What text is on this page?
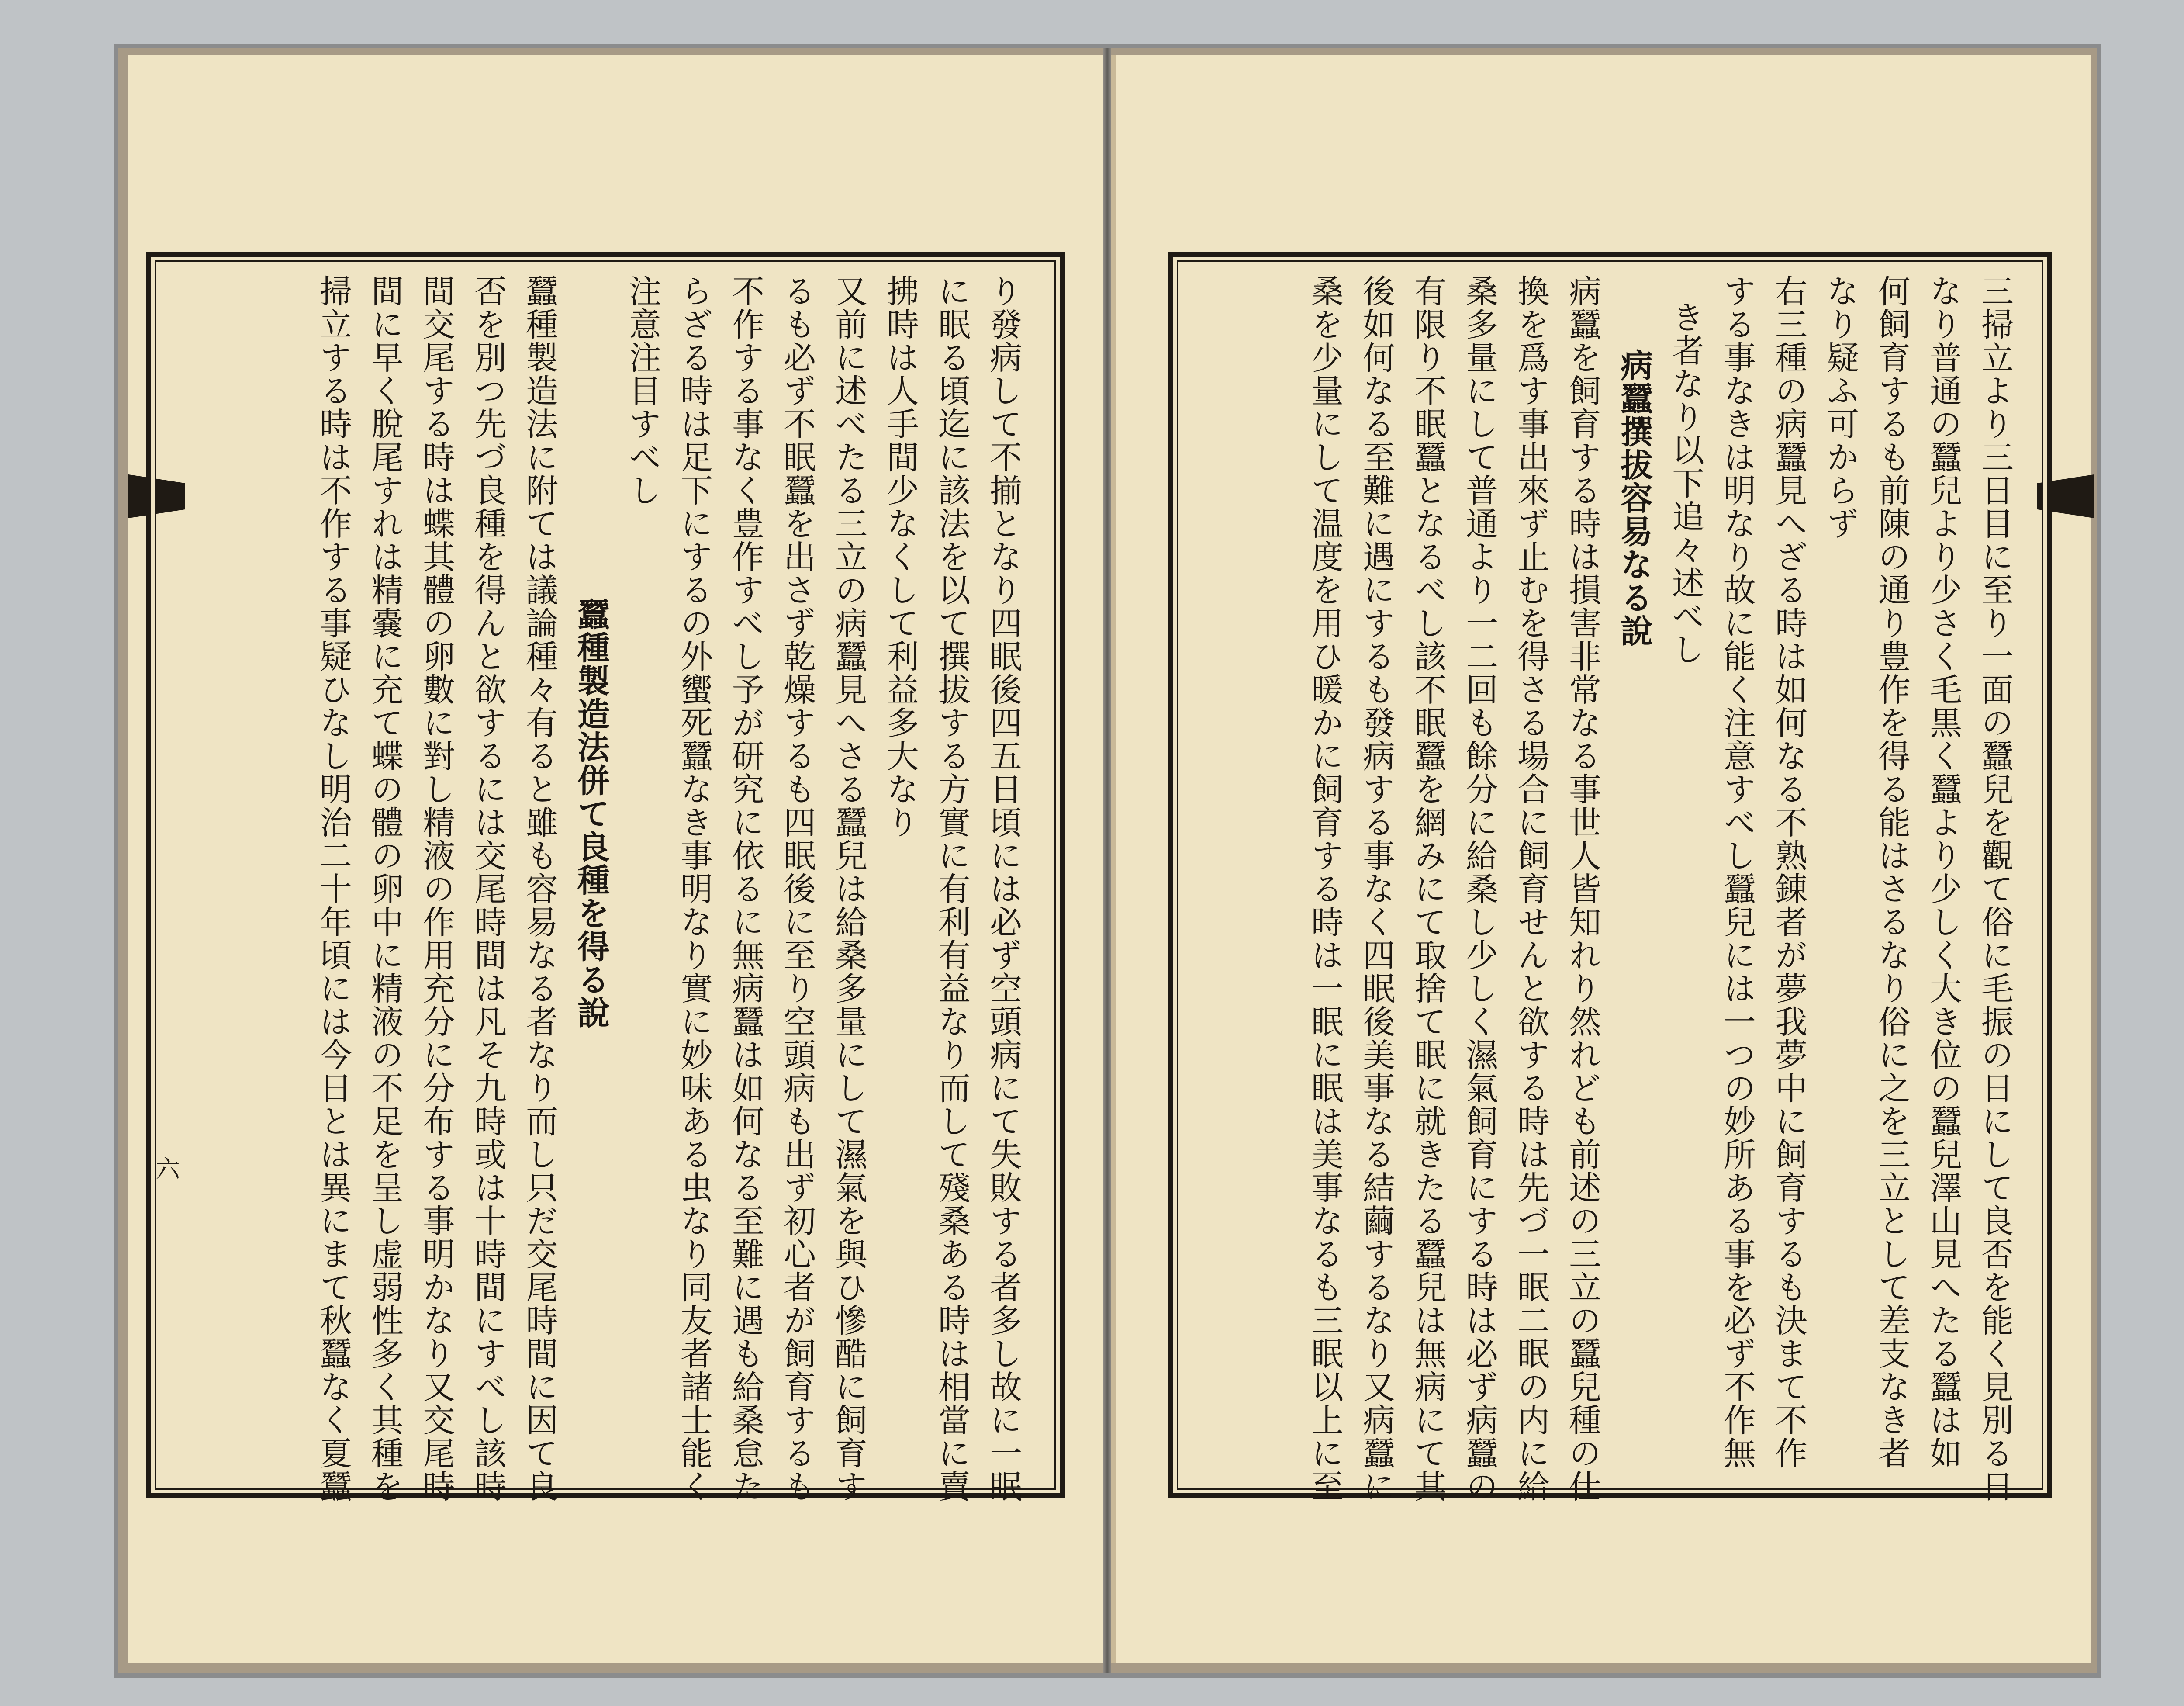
六	り發病して不揃となり四眠後四五日頃には必ず空頭病にて失敗する者多し故に一眠
に眠る頃迄に該法を以て撰拔する方實に有利有益なり而して殘桑ある時は相當に賣
拂時は人手間少なくして利益多大なり
又前に述べたる三立の病蠶見へさる蠶兒は給桑多量にして濕氣を與ひ慘酷に飼育す
るも必ず不眠蠶を出さず乾燥するも四眠後に至り空頭病も出ず初心者が飼育するも
不作する事なく豊作すべし予が研究に依るに無病蠶は如何なる至難に遇も給桑怠た
らざる時は足下にするの外蠁死蠶なき事明なり實に妙味ある虫なり同友者諸士能く
注意注目すべし
蠶種製造法併て良種を得る說
蠶種製造法に附ては議論種々有ると雖も容易なる者なり而し只だ交尾時間に因て良
否を別つ先づ良種を得んと欲するには交尾時間は凡そ九時或は十時間にすべし該時
間交尾する時は蝶其體の卵數に對し精液の作用充分に分布する事明かなり又交尾時
間に早く脫尾すれは精嚢に充て蝶の體の卵中に精液の不足を呈し虚弱性多く其種を
掃立する時は不作する事疑ひなし明治二十年頃には今日とは異にまて秋蠶なく夏蠶	三掃立より三日目に至り一面の蠶兒を觀て俗に毛振の日にして良否を能く見別る日
なり普通の蠶兒より少さく毛黒く蠶より少しく大き位の蠶兒澤山見へたる蠶は如
何飼育するも前陳の通り豊作を得る能はさるなり俗に之を三立として差支なき者
なり疑ふ可からず
右三種の病蠶見へざる時は如何なる不熟錬者が夢我夢中に飼育するも決まて不作
する事なきは明なり故に能く注意すべし蠶兒には一つの妙所ある事を必ず不作無
き者なり以下追々述べし
病蠶撰拔容易なる說
病蠶を飼育する時は損害非常なる事世人皆知れり然れども前述の三立の蠶兒種の仕
換を爲す事出來ず止むを得さる場合に飼育せんと欲する時は先づ一眠二眠の内に給
桑多量にして普通より一二回も餘分に給桑し少しく濕氣飼育にする時は必ず病蠶の
有限り不眠蠶となるべし該不眠蠶を網みにて取捨て眠に就きたる蠶兒は無病にて其
後如何なる至難に遇にするも發病する事なく四眠後美事なる結繭するなり又病蠶に
桑を少量にして温度を用ひ暖かに飼育する時は一眠に眠は美事なるも三眠以上に至
